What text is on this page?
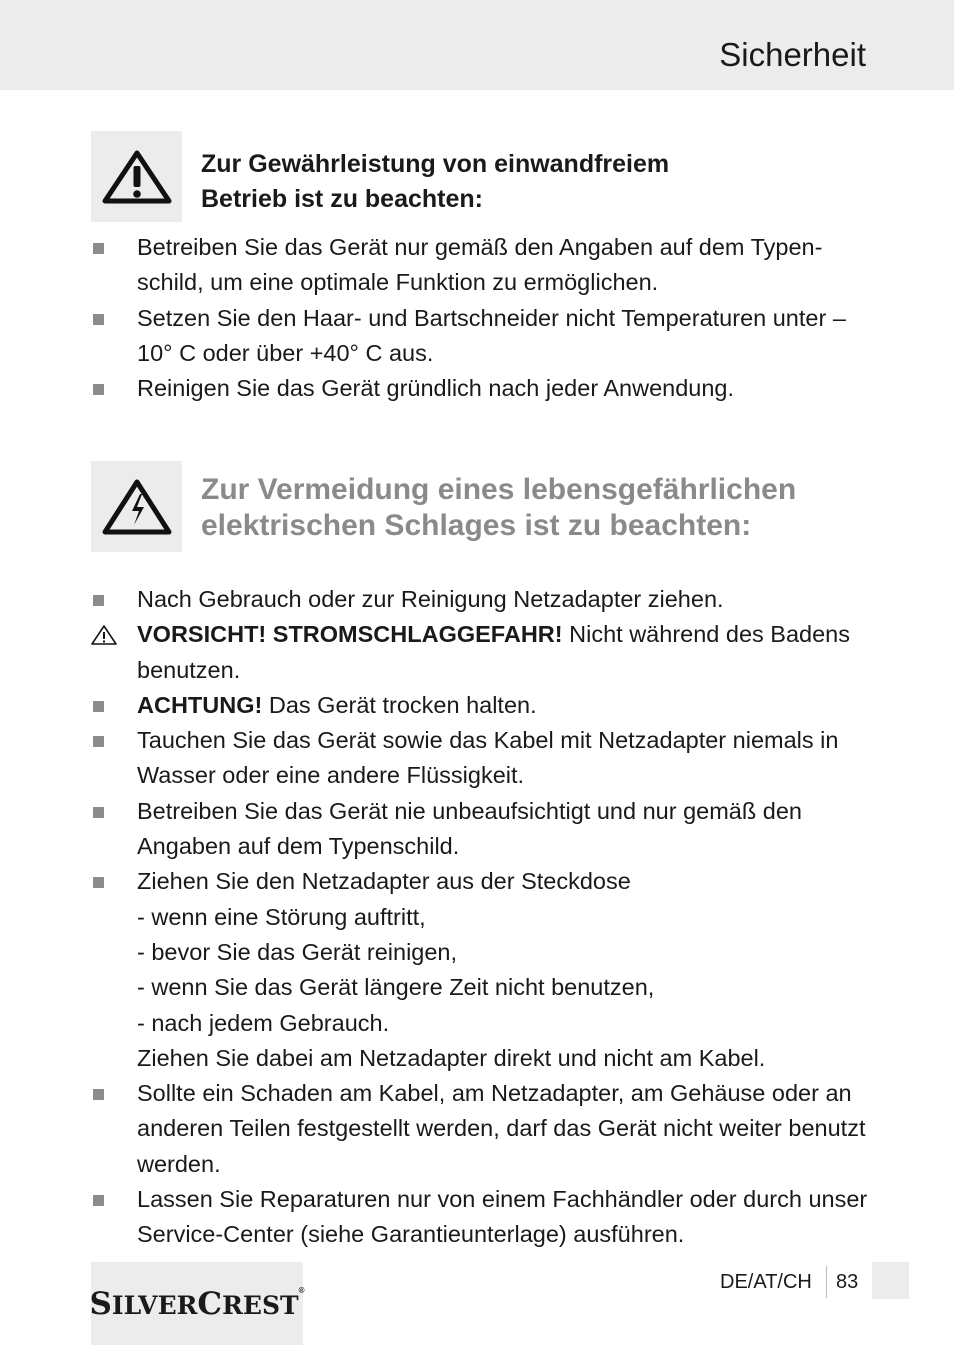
Sicherheit
Zur Gewährleistung von einwandfreiem
Betrieb ist zu beachten:
Betreiben Sie das Gerät nur gemäß den Angaben auf dem Typenschild, um eine optimale Funktion zu ermöglichen.
Setzen Sie den Haar- und Bartschneider nicht Temperaturen unter –10° C oder über +40° C aus.
Reinigen Sie das Gerät gründlich nach jeder Anwendung.
Zur Vermeidung eines lebensgefährlichen
elektrischen Schlages ist zu beachten:
Nach Gebrauch oder zur Reinigung Netzadapter ziehen.
VORSICHT! STROMSCHLAGGEFAHR! Nicht während des Badens benutzen.
ACHTUNG! Das Gerät trocken halten.
Tauchen Sie das Gerät sowie das Kabel mit Netzadapter niemals in Wasser oder eine andere Flüssigkeit.
Betreiben Sie das Gerät nie unbeaufsichtigt und nur gemäß den Angaben auf dem Typenschild.
Ziehen Sie den Netzadapter aus der Steckdose
- wenn eine Störung auftritt,
- bevor Sie das Gerät reinigen,
- wenn Sie das Gerät längere Zeit nicht benutzen,
- nach jedem Gebrauch.
Ziehen Sie dabei am Netzadapter direkt und nicht am Kabel.
Sollte ein Schaden am Kabel, am Netzadapter, am Gehäuse oder an anderen Teilen festgestellt werden, darf das Gerät nicht weiter benutzt werden.
Lassen Sie Reparaturen nur von einem Fachhändler oder durch unser Service-Center (siehe Garantieunterlage) ausführen.
SILVERCREST®	DE/AT/CH 83
